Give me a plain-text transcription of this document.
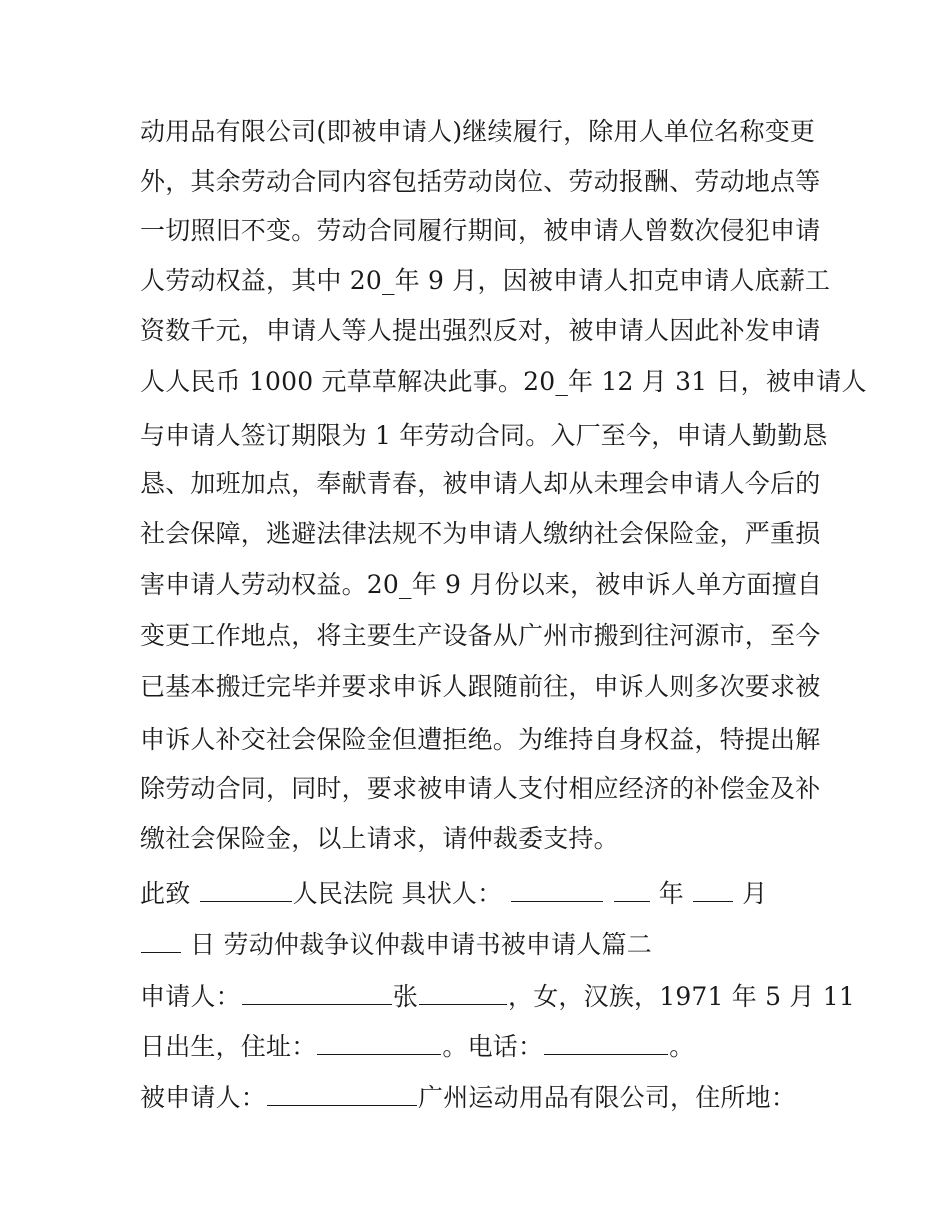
动用品有限公司(即被申请人)继续履行，除用人单位名称变更
外，其余劳动合同内容包括劳动岗位、劳动报酬、劳动地点等
一切照旧不变。劳动合同履行期间，被申请人曾数次侵犯申请
人劳动权益，其中 20_年 9 月，因被申请人扣克申请人底薪工
资数千元，申请人等人提出强烈反对，被申请人因此补发申请
人人民币 1000 元草草解决此事。20_年 12 月 31 日，被申请人
与申请人签订期限为 1 年劳动合同。入厂至今，申请人勤勤恳
恳、加班加点，奉献青春，被申请人却从未理会申请人今后的
社会保障，逃避法律法规不为申请人缴纳社会保险金，严重损
害申请人劳动权益。20_年 9 月份以来，被申诉人单方面擅自
变更工作地点，将主要生产设备从广州市搬到往河源市，至今
已基本搬迁完毕并要求申诉人跟随前往，申诉人则多次要求被
申诉人补交社会保险金但遭拒绝。为维持自身权益，特提出解
除劳动合同，同时，要求被申请人支付相应经济的补偿金及补
缴社会保险金，以上请求，请仲裁委支持。
此致	人民法院 具状人：	年 月
日 劳动仲裁争议仲裁申请书被申请人篇二
申请人：	张	，女，汉族，1971 年 5 月 11
日出生，住址：	。电话：	。
被申请人：	广州运动用品有限公司，住所地：
